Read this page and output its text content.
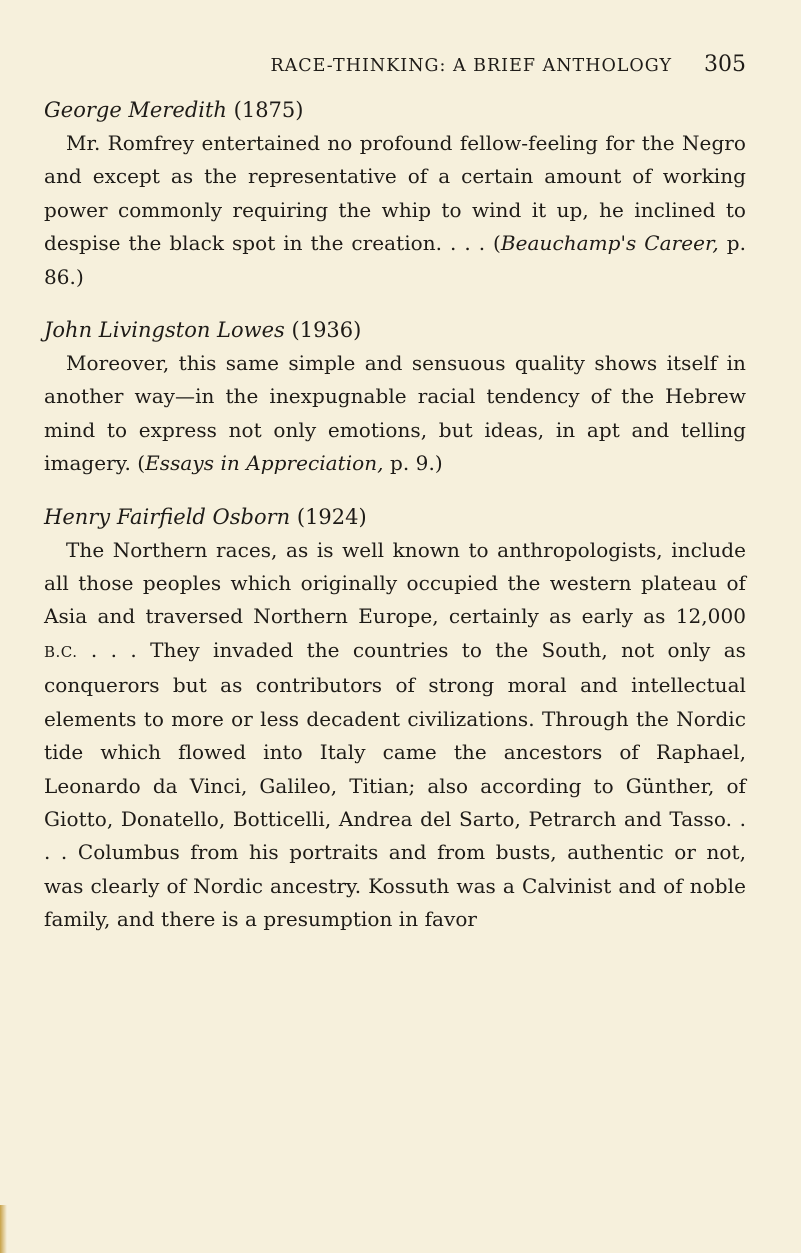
RACE-THINKING: A BRIEF ANTHOLOGY 305
George Meredith (1875)

Mr. Romfrey entertained no profound fellow-feeling for the Negro and except as the representative of a certain amount of working power commonly requiring the whip to wind it up, he inclined to despise the black spot in the creation. . . . (Beauchamp's Career, p. 86.)

John Livingston Lowes (1936)

Moreover, this same simple and sensuous quality shows itself in another way—in the inexpugnable racial tendency of the Hebrew mind to express not only emotions, but ideas, in apt and telling imagery. (Essays in Appreciation, p. 9.)

Henry Fairfield Osborn (1924)

The Northern races, as is well known to anthropologists, include all those peoples which originally occupied the western plateau of Asia and traversed Northern Europe, certainly as early as 12,000 B.C. . . . They invaded the countries to the South, not only as conquerors but as contributors of strong moral and intellectual elements to more or less decadent civilizations. Through the Nordic tide which flowed into Italy came the ancestors of Raphael, Leonardo da Vinci, Galileo, Titian; also according to Günther, of Giotto, Donatello, Botticelli, Andrea del Sarto, Petrarch and Tasso. . . . Columbus from his portraits and from busts, authentic or not, was clearly of Nordic ancestry. Kossuth was a Calvinist and of noble family, and there is a presumption in favor
